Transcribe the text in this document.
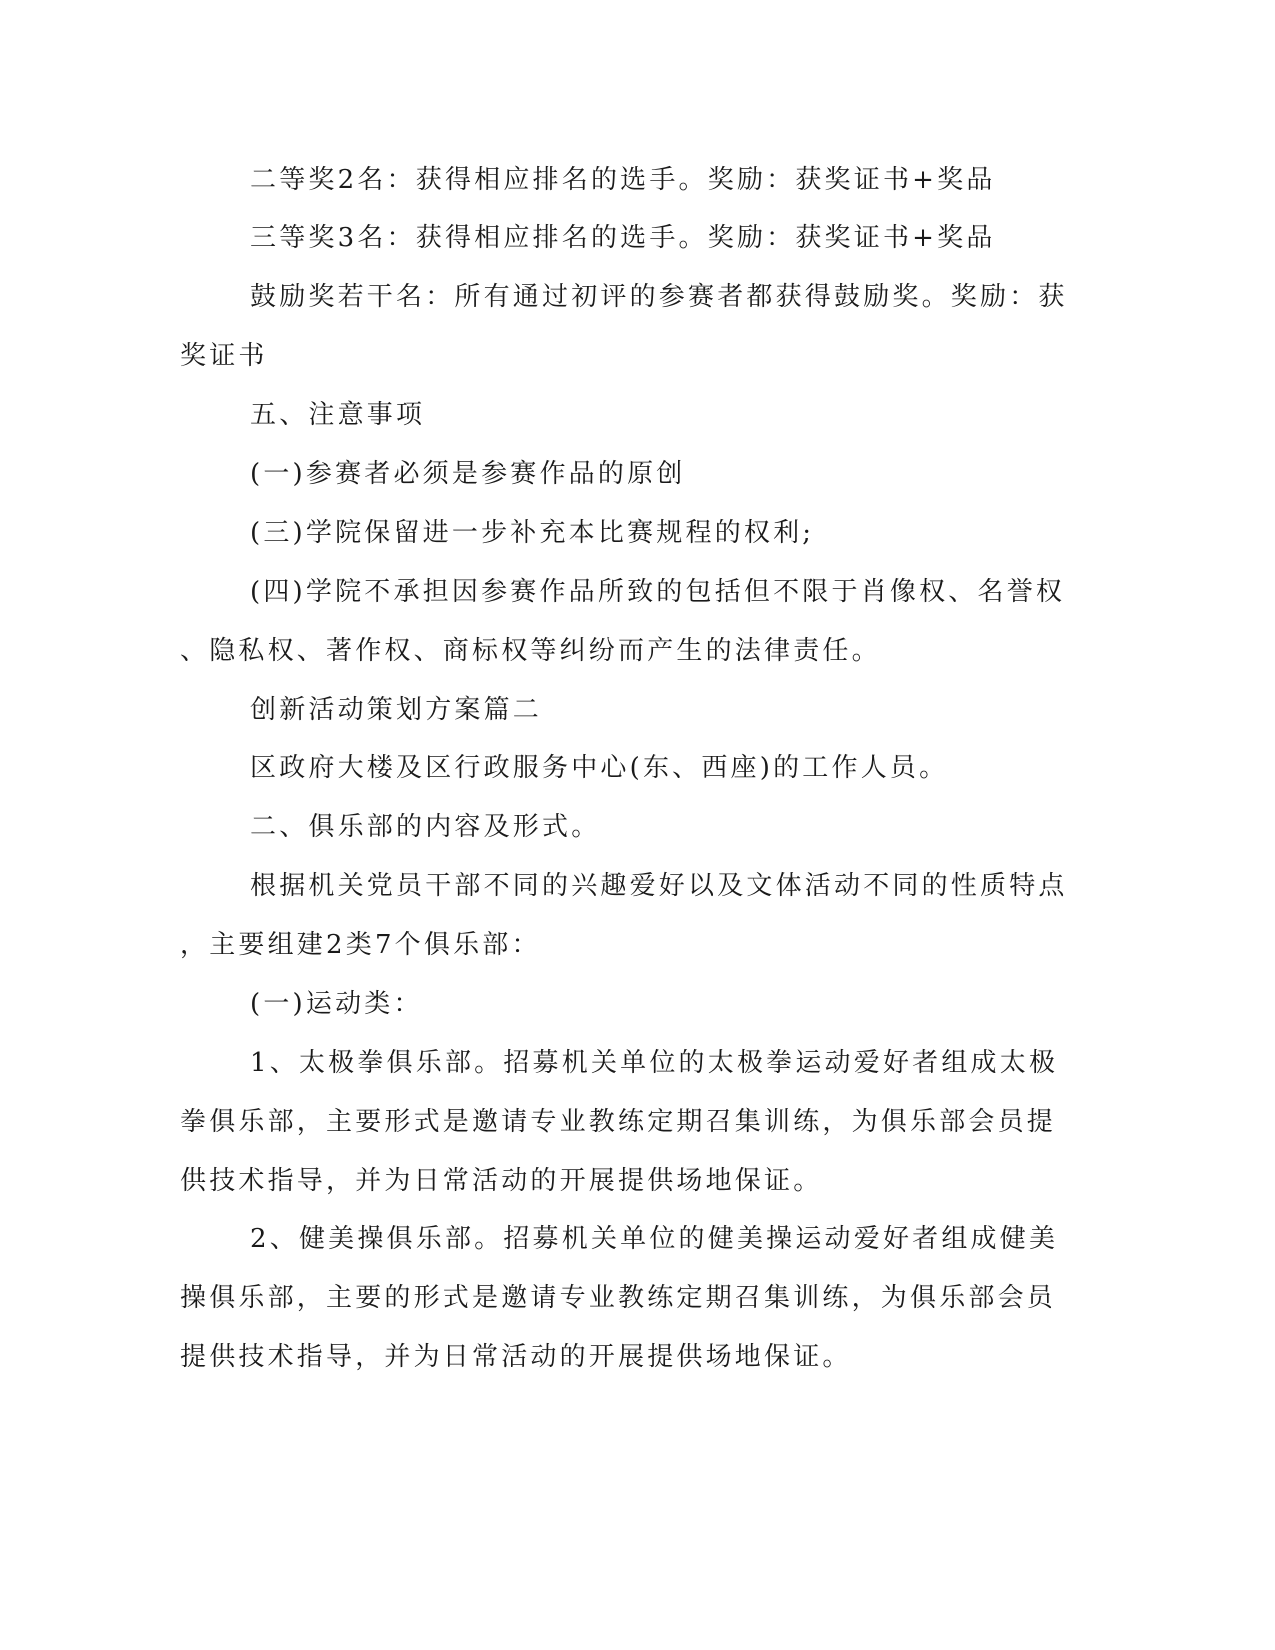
二等奖2名：获得相应排名的选手。奖励：获奖证书+奖品
三等奖3名：获得相应排名的选手。奖励：获奖证书+奖品
鼓励奖若干名：所有通过初评的参赛者都获得鼓励奖。奖励：获
奖证书
五、注意事项
(一)参赛者必须是参赛作品的原创
(三)学院保留进一步补充本比赛规程的权利;
(四)学院不承担因参赛作品所致的包括但不限于肖像权、名誉权
、隐私权、著作权、商标权等纠纷而产生的法律责任。
创新活动策划方案篇二
区政府大楼及区行政服务中心(东、西座)的工作人员。
二、俱乐部的内容及形式。
根据机关党员干部不同的兴趣爱好以及文体活动不同的性质特点
，主要组建2类7个俱乐部：
(一)运动类：
1、太极拳俱乐部。招募机关单位的太极拳运动爱好者组成太极
拳俱乐部，主要形式是邀请专业教练定期召集训练，为俱乐部会员提
供技术指导，并为日常活动的开展提供场地保证。
2、健美操俱乐部。招募机关单位的健美操运动爱好者组成健美
操俱乐部，主要的形式是邀请专业教练定期召集训练，为俱乐部会员
提供技术指导，并为日常活动的开展提供场地保证。
